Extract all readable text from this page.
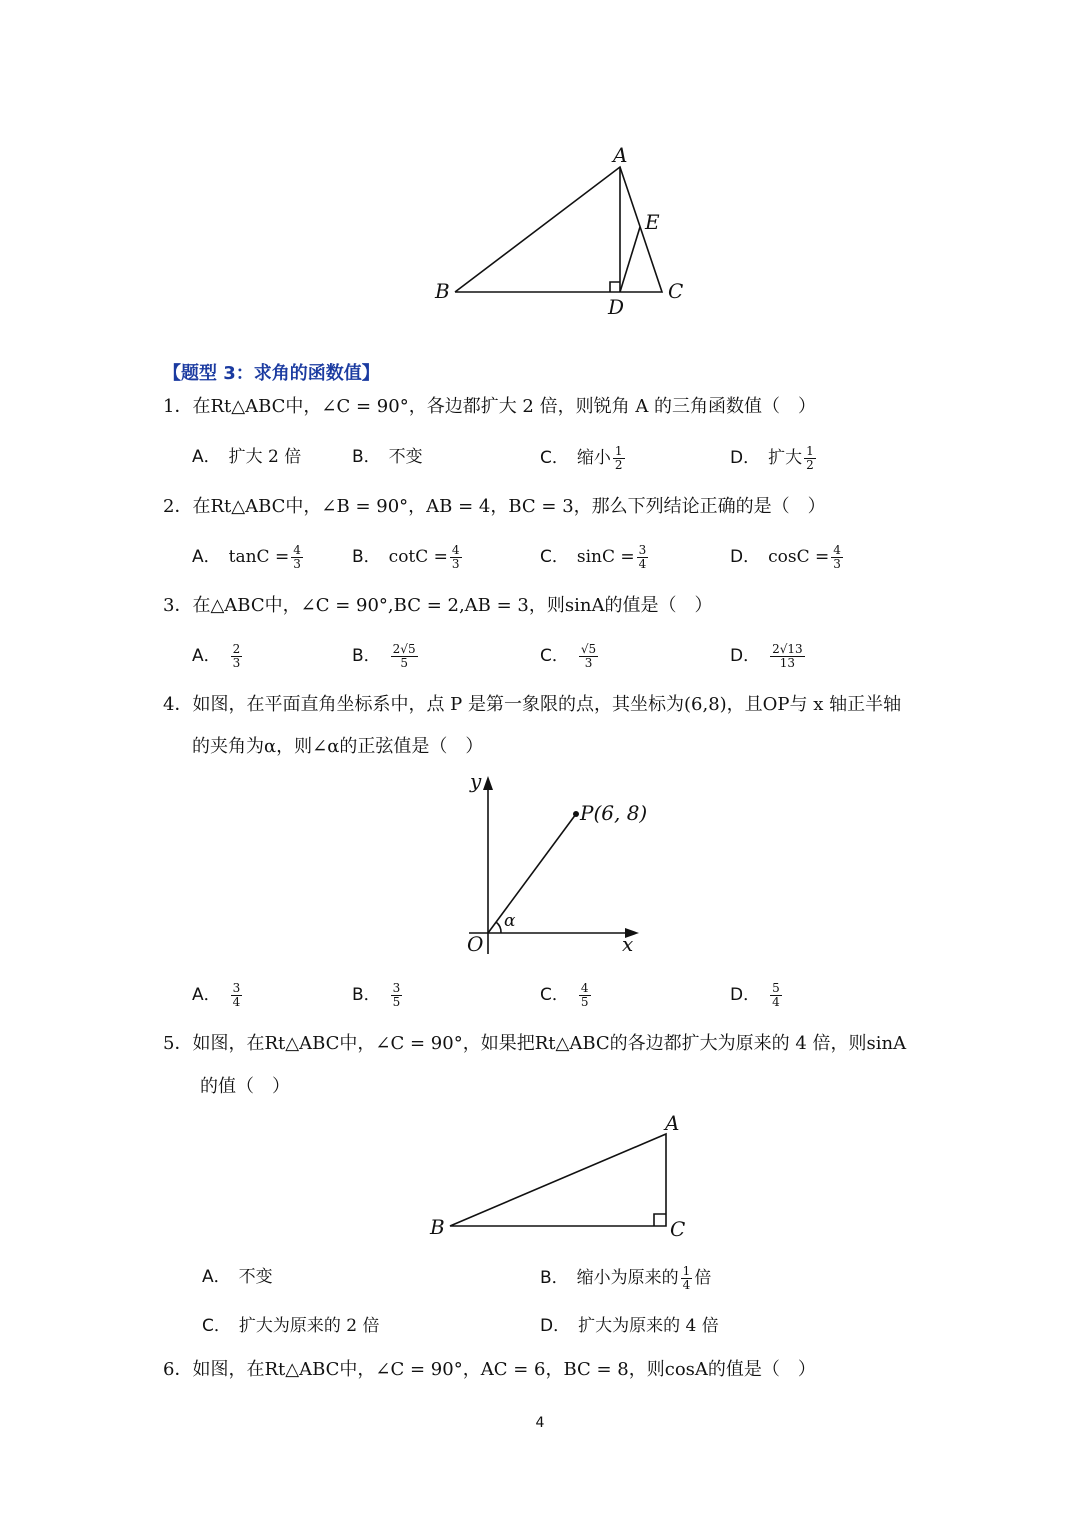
A
B	C
D
E
【题型 3：求角的函数值】
1．在Rt△ABC中，∠C = 90°，各边都扩大 2 倍，则锐角 A 的三角函数值（　）
A． 扩大 2 倍	B． 不变	C． 缩小 $\frac{1}{2}$	D． 扩大 $\frac{1}{2}$
2．在Rt△ABC中，∠B = 90°，AB = 4，BC = 3，那么下列结论正确的是（　）
A． $\tan C = \frac{4}{3}$	B． $\cot C = \frac{4}{3}$	C． $\sin C = \frac{3}{4}$	D． $\cos C = \frac{4}{3}$
3．在△ABC中，∠C = 90°,BC = 2,AB = 3，则sinA的值是（　）
A． $\frac{2}{3}$	B． $\frac{2√5}{5}$	C． $\frac{√5}{3}$	D． $\frac{2√13}{13}$
4．如图，在平面直角坐标系中，点 P 是第一象限的点，其坐标为(6,8)，且OP与 x 轴正半轴
的夹角为α，则∠α的正弦值是（　）
y
x
O
α
P(6, 8)
A． $\frac{3}{4}$	B． $\frac{3}{5}$	C． $\frac{4}{5}$	D． $\frac{5}{4}$
5．如图，在Rt△ABC中，∠C = 90°，如果把Rt△ABC的各边都扩大为原来的 4 倍，则sinA
的值（　）
A
B	C
A． 不变	B． 缩小为原来的 $\frac{1}{4}$ 倍
C． 扩大为原来的 2 倍	D． 扩大为原来的 4 倍
6．如图，在Rt△ABC中，∠C = 90°，AC = 6，BC = 8，则cosA的值是（　）
4
